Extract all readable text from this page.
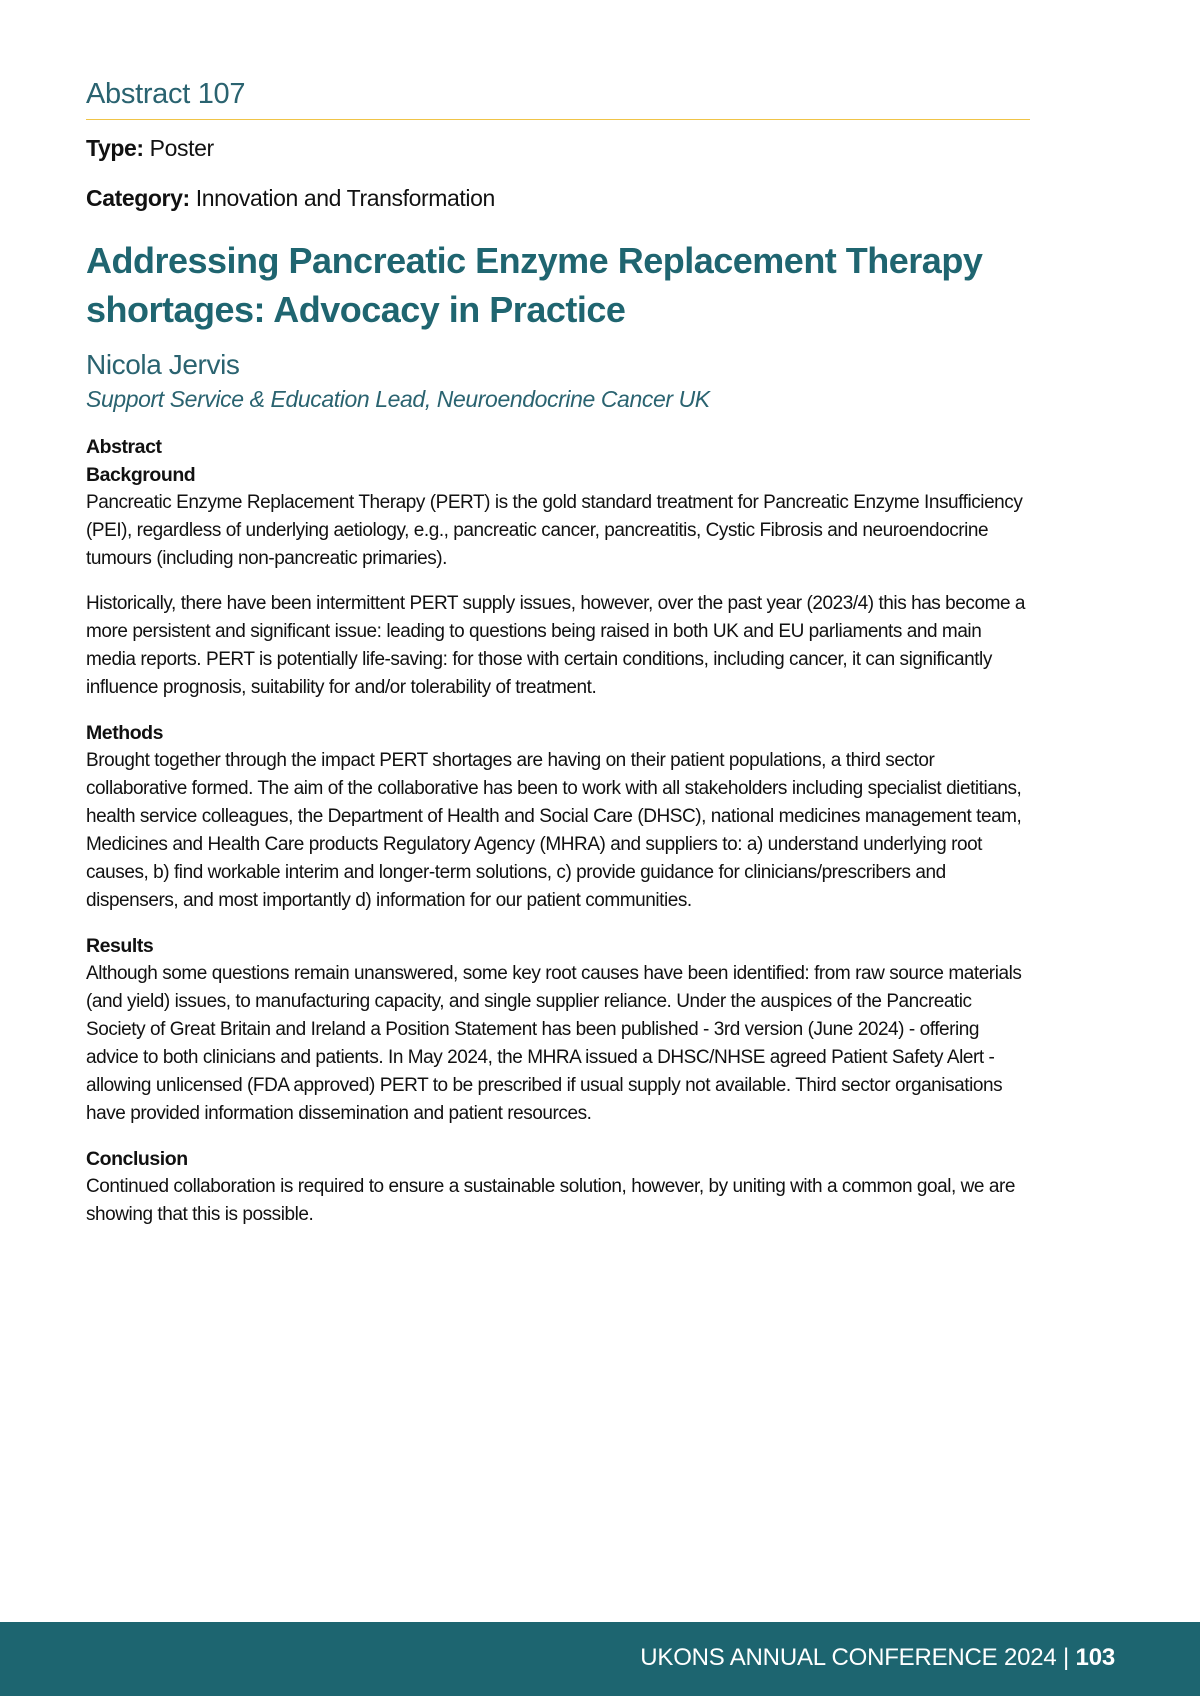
Abstract 107
Type: Poster
Category: Innovation and Transformation
Addressing Pancreatic Enzyme Replacement Therapy shortages: Advocacy in Practice
Nicola Jervis
Support Service & Education Lead, Neuroendocrine Cancer UK
Abstract
Background

Pancreatic Enzyme Replacement Therapy (PERT) is the gold standard treatment for Pancreatic Enzyme Insufficiency (PEI), regardless of underlying aetiology, e.g., pancreatic cancer, pancreatitis, Cystic Fibrosis and neuroendocrine tumours (including non-pancreatic primaries).

Historically, there have been intermittent PERT supply issues, however, over the past year (2023/4) this has become a more persistent and significant issue: leading to questions being raised in both UK and EU parliaments and main media reports. PERT is potentially life-saving: for those with certain conditions, including cancer, it can significantly influence prognosis, suitability for and/or tolerability of treatment.

Methods

Brought together through the impact PERT shortages are having on their patient populations, a third sector collaborative formed. The aim of the collaborative has been to work with all stakeholders including specialist dietitians, health service colleagues, the Department of Health and Social Care (DHSC), national medicines management team, Medicines and Health Care products Regulatory Agency (MHRA) and suppliers to: a) understand underlying root causes, b) find workable interim and longer-term solutions, c) provide guidance for clinicians/prescribers and dispensers, and most importantly d) information for our patient communities.

Results

Although some questions remain unanswered, some key root causes have been identified: from raw source materials (and yield) issues, to manufacturing capacity, and single supplier reliance. Under the auspices of the Pancreatic Society of Great Britain and Ireland a Position Statement has been published - 3rd version (June 2024) - offering advice to both clinicians and patients. In May 2024, the MHRA issued a DHSC/NHSE agreed Patient Safety Alert - allowing unlicensed (FDA approved) PERT to be prescribed if usual supply not available. Third sector organisations have provided information dissemination and patient resources.

Conclusion

Continued collaboration is required to ensure a sustainable solution, however, by uniting with a common goal, we are showing that this is possible.

UKONS ANNUAL CONFERENCE 2024 | 103
